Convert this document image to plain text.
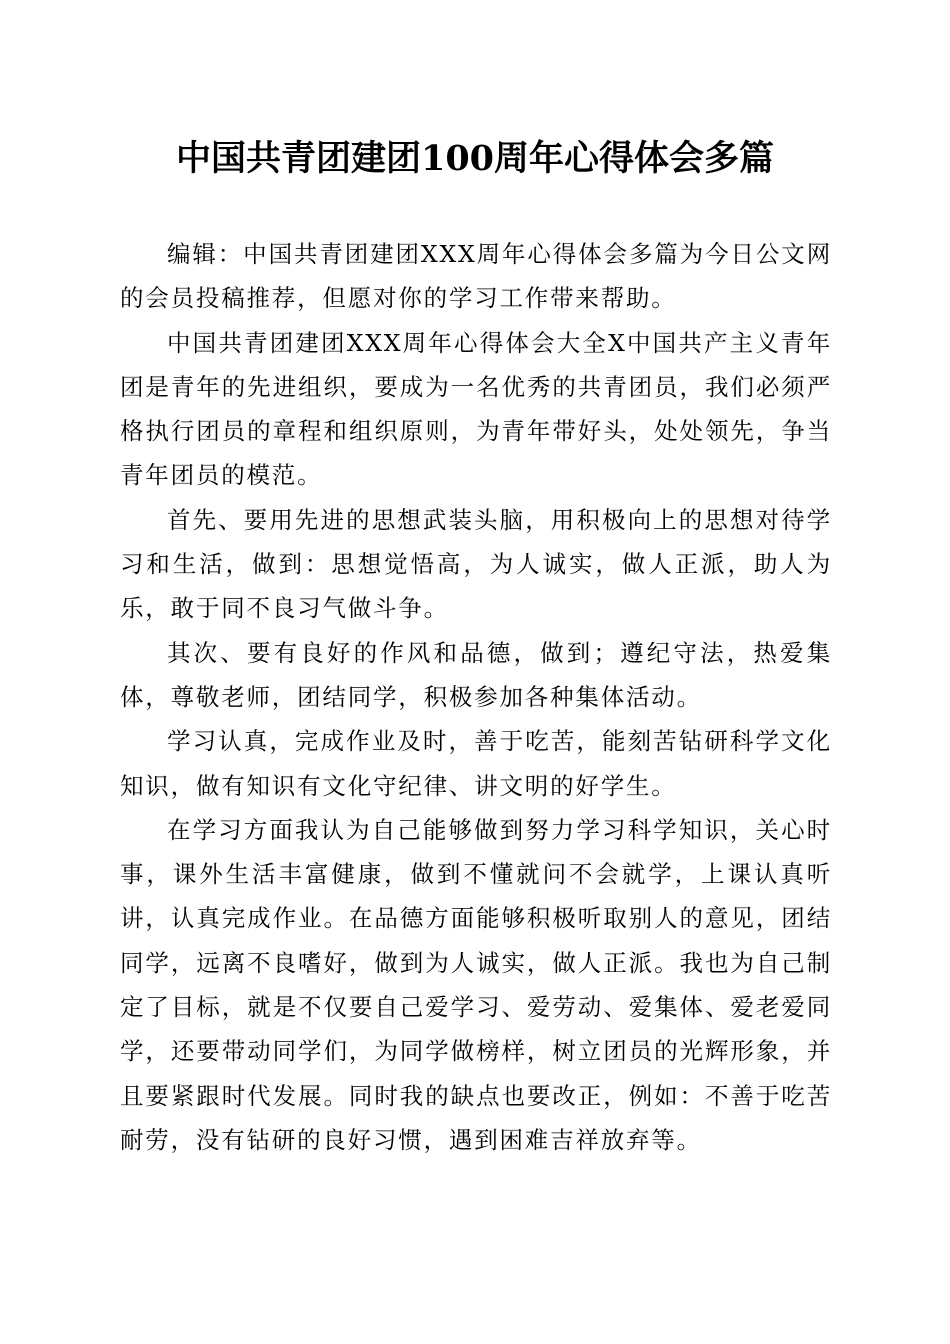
中国共青团建团100周年心得体会多篇

编辑：中国共青团建团XXX周年心得体会多篇为今日公文网的会员投稿推荐，但愿对你的学习工作带来帮助。

中国共青团建团XXX周年心得体会大全X中国共产主义青年团是青年的先进组织，要成为一名优秀的共青团员，我们必须严格执行团员的章程和组织原则，为青年带好头，处处领先，争当青年团员的模范。

首先、要用先进的思想武装头脑，用积极向上的思想对待学习和生活，做到：思想觉悟高，为人诚实，做人正派，助人为乐，敢于同不良习气做斗争。

其次、要有良好的作风和品德，做到；遵纪守法，热爱集体，尊敬老师，团结同学，积极参加各种集体活动。

学习认真，完成作业及时，善于吃苦，能刻苦钻研科学文化知识，做有知识有文化守纪律、讲文明的好学生。

在学习方面我认为自己能够做到努力学习科学知识，关心时事，课外生活丰富健康，做到不懂就问不会就学，上课认真听讲，认真完成作业。在品德方面能够积极听取别人的意见，团结同学，远离不良嗜好，做到为人诚实，做人正派。我也为自己制定了目标，就是不仅要自己爱学习、爱劳动、爱集体、爱老爱同学，还要带动同学们，为同学做榜样，树立团员的光辉形象，并且要紧跟时代发展。同时我的缺点也要改正，例如：不善于吃苦耐劳，没有钻研的良好习惯，遇到困难吉祥放弃等。
